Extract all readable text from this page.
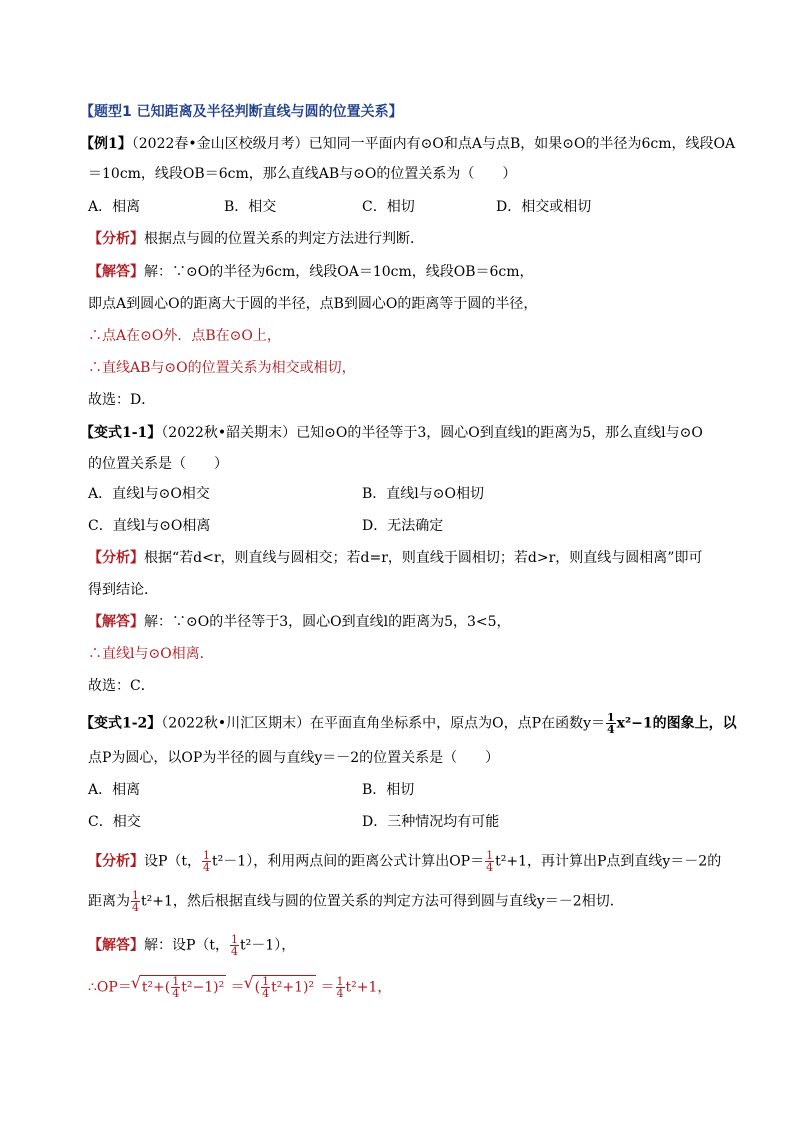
【题型1 已知距离及半径判断直线与圆的位置关系】
【例1】（2022春•金山区校级月考）已知同一平面内有⊙O和点A与点B，如果⊙O的半径为6cm，线段OA
＝10cm，线段OB＝6cm，那么直线AB与⊙O的位置关系为（　　）
A．相离	B．相交	C．相切	D．相交或相切
【分析】根据点与圆的位置关系的判定方法进行判断．
【解答】解：∵⊙O的半径为6cm，线段OA＝10cm，线段OB＝6cm，
即点A到圆心O的距离大于圆的半径，点B到圆心O的距离等于圆的半径，
∴点A在⊙O外．点B在⊙O上，
∴直线AB与⊙O的位置关系为相交或相切，
故选：D．
【变式1-1】（2022秋•韶关期末）已知⊙O的半径等于3，圆心O到直线l的距离为5，那么直线l与⊙O
的位置关系是（　　）
A．直线l与⊙O相交	B．直线l与⊙O相切
C．直线l与⊙O相离	D．无法确定
【分析】根据“若d<r，则直线与圆相交；若d=r，则直线于圆相切；若d>r，则直线与圆相离”即可
得到结论．
【解答】解：∵⊙O的半径等于3，圆心O到直线l的距离为5，3<5，
∴直线l与⊙O相离．
故选：C．
【变式1-2】（2022秋•川汇区期末）在平面直角坐标系中，原点为O，点P在函数$y= \frac{1}{4} x^2-1$的图象上，以
点P为圆心，以OP为半径的圆与直线y＝－2的位置关系是（　　）
A．相离	B．相切
C．相交	D．三种情况均有可能
【分析】设P（t， $\frac{1}{4} t^2-1$），利用两点间的距离公式计算出$OP= \frac{1}{4} t^2+1$，再计算出P点到直线y＝－2的
距离为 $\frac{1}{4} t^2+1$，然后根据直线与圆的位置关系的判定方法可得到圆与直线y＝－2相切．
【解答】解：设P（t， $\frac{1}{4} t^2-1$），
∴OP＝ √ $t^2+( \frac{1}{4} t^2-1)^2$ ＝ √ ( $\frac{1}{4} t^2+1)^2 = \frac{1}{4} t^2+1$，
